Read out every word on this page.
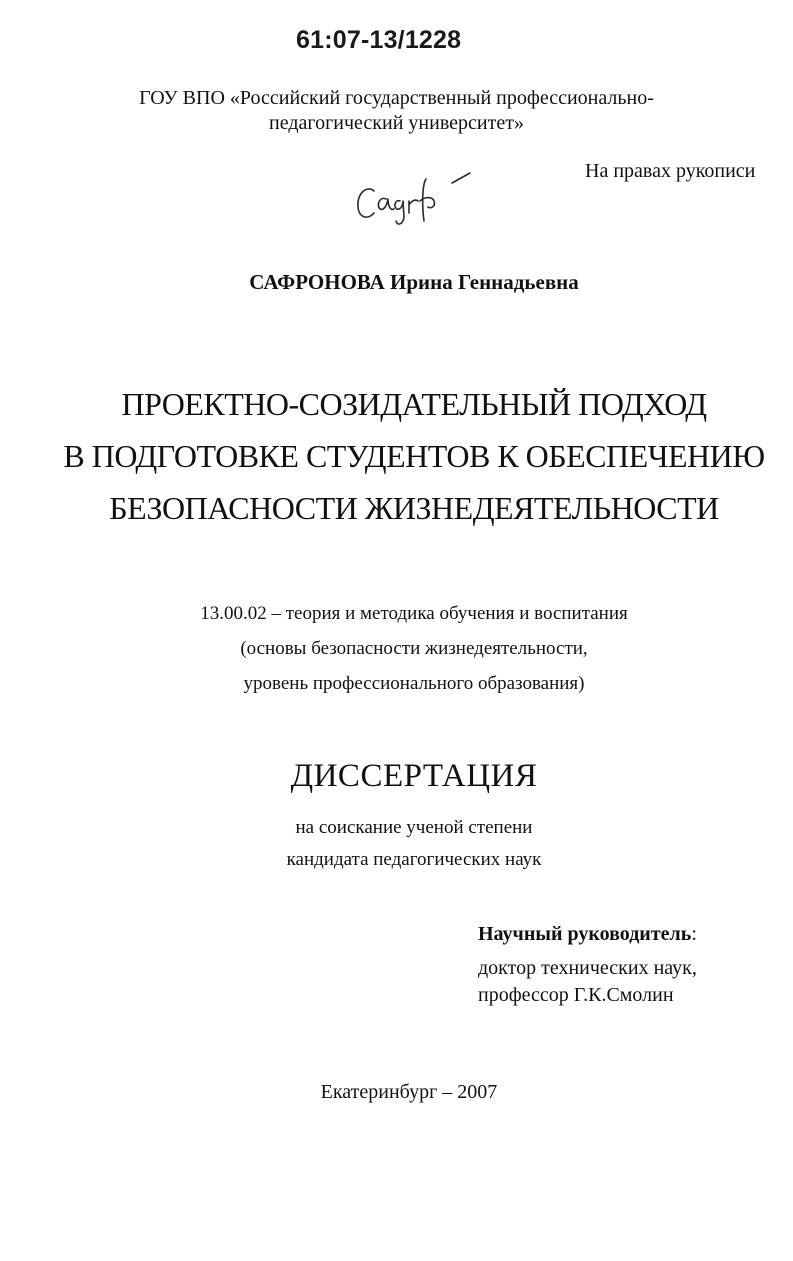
61:07-13/1228
ГОУ ВПО «Российский государственный профессионально-
педагогический университет»
На правах рукописи
САФРОНОВА Ирина Геннадьевна
ПРОЕКТНО-СОЗИДАТЕЛЬНЫЙ ПОДХОД
В ПОДГОТОВКЕ СТУДЕНТОВ К ОБЕСПЕЧЕНИЮ
БЕЗОПАСНОСТИ ЖИЗНЕДЕЯТЕЛЬНОСТИ
13.00.02 – теория и методика обучения и воспитания
(основы безопасности жизнедеятельности,
уровень профессионального образования)
ДИССЕРТАЦИЯ
на соискание ученой степени
кандидата педагогических наук
Научный руководитель:
доктор технических наук,
профессор Г.К.Смолин
Екатеринбург – 2007
